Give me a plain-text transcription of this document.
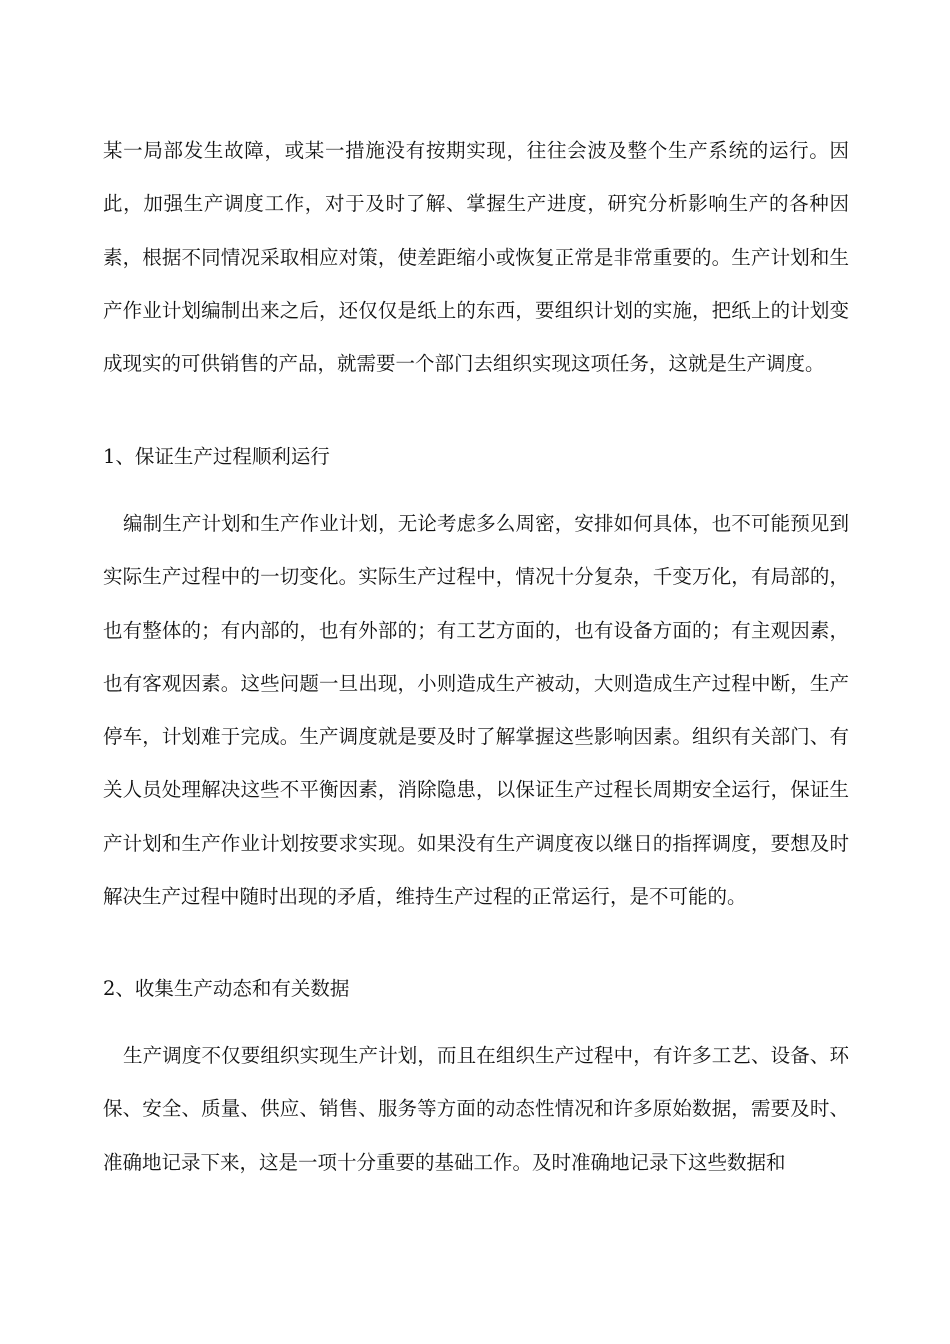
某一局部发生故障，或某一措施没有按期实现，往往会波及整个生产系统的运行。因此，加强生产调度工作，对于及时了解、掌握生产进度，研究分析影响生产的各种因素，根据不同情况采取相应对策，使差距缩小或恢复正常是非常重要的。生产计划和生产作业计划编制出来之后，还仅仅是纸上的东西，要组织计划的实施，把纸上的计划变成现实的可供销售的产品，就需要一个部门去组织实现这项任务，这就是生产调度。

1、保证生产过程顺利运行

编制生产计划和生产作业计划，无论考虑多么周密，安排如何具体，也不可能预见到实际生产过程中的一切变化。实际生产过程中，情况十分复杂，千变万化，有局部的，也有整体的；有内部的，也有外部的；有工艺方面的，也有设备方面的；有主观因素，也有客观因素。这些问题一旦出现，小则造成生产被动，大则造成生产过程中断，生产停车，计划难于完成。生产调度就是要及时了解掌握这些影响因素。组织有关部门、有关人员处理解决这些不平衡因素，消除隐患，以保证生产过程长周期安全运行，保证生产计划和生产作业计划按要求实现。如果没有生产调度夜以继日的指挥调度，要想及时解决生产过程中随时出现的矛盾，维持生产过程的正常运行，是不可能的。

2、收集生产动态和有关数据

生产调度不仅要组织实现生产计划，而且在组织生产过程中，有许多工艺、设备、环保、安全、质量、供应、销售、服务等方面的动态性情况和许多原始数据，需要及时、准确地记录下来，这是一项十分重要的基础工作。及时准确地记录下这些数据和
